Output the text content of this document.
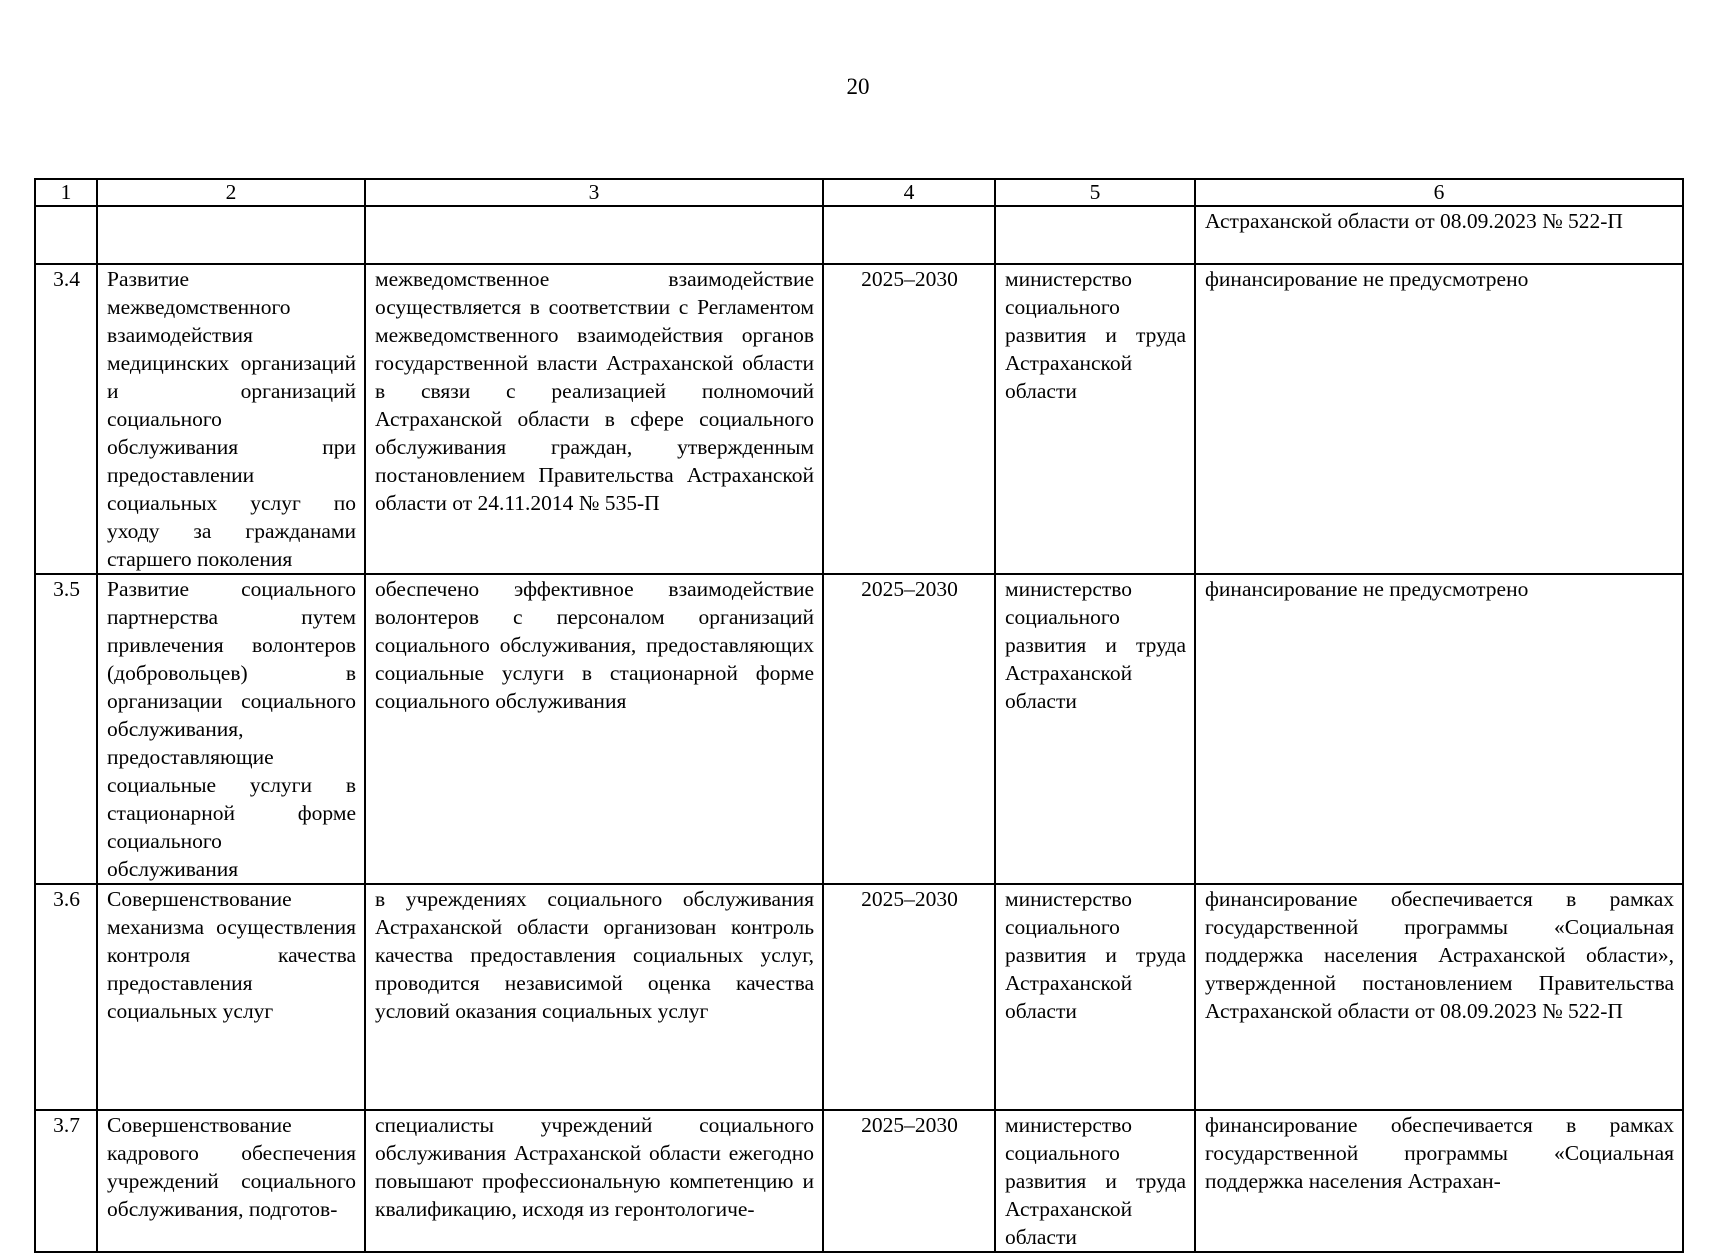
20
1	2	3	4	5	6
					Астраханской области от 08.09.2023 № 522-П
3.4	Развитие межведомственного взаимодействия медицинских организаций и организаций социального обслуживания при предоставлении социальных услуг по уходу за гражданами старшего поколения	межведомственное взаимодействие осуществляется в соответствии с Регламентом межведомственного взаимодействия органов государственной власти Астраханской области в связи с реализацией полномочий Астраханской области в сфере социального обслуживания граждан, утвержденным постановлением Правительства Астраханской области от 24.11.2014 № 535-П	2025–2030	министерство социального развития и труда Астраханской области	финансирование не предусмотрено
3.5	Развитие социального партнерства путем привлечения волонтеров (добровольцев) в организации социального обслуживания, предоставляющие социальные услуги в стационарной форме социального обслуживания	обеспечено эффективное взаимодействие волонтеров с персоналом организаций социального обслуживания, предоставляющих социальные услуги в стационарной форме социального обслуживания	2025–2030	министерство социального развития и труда Астраханской области	финансирование не предусмотрено
3.6	Совершенствование механизма осуществления контроля качества предоставления социальных услуг	в учреждениях социального обслуживания Астраханской области организован контроль качества предоставления социальных услуг, проводится независимой оценка качества условий оказания социальных услуг	2025–2030	министерство социального развития и труда Астраханской области	финансирование обеспечивается в рамках государственной программы «Социальная поддержка населения Астраханской области», утвержденной постановлением Правительства Астраханской области от 08.09.2023 № 522-П
3.7	Совершенствование кадрового обеспечения учреждений социального обслуживания, подготов-	специалисты учреждений социального обслуживания Астраханской области ежегодно повышают профессиональную компетенцию и квалификацию, исходя из геронтологиче-	2025–2030	министерство социального развития и труда Астраханской области	финансирование обеспечивается в рамках государственной программы «Социальная поддержка населения Астрахан-
